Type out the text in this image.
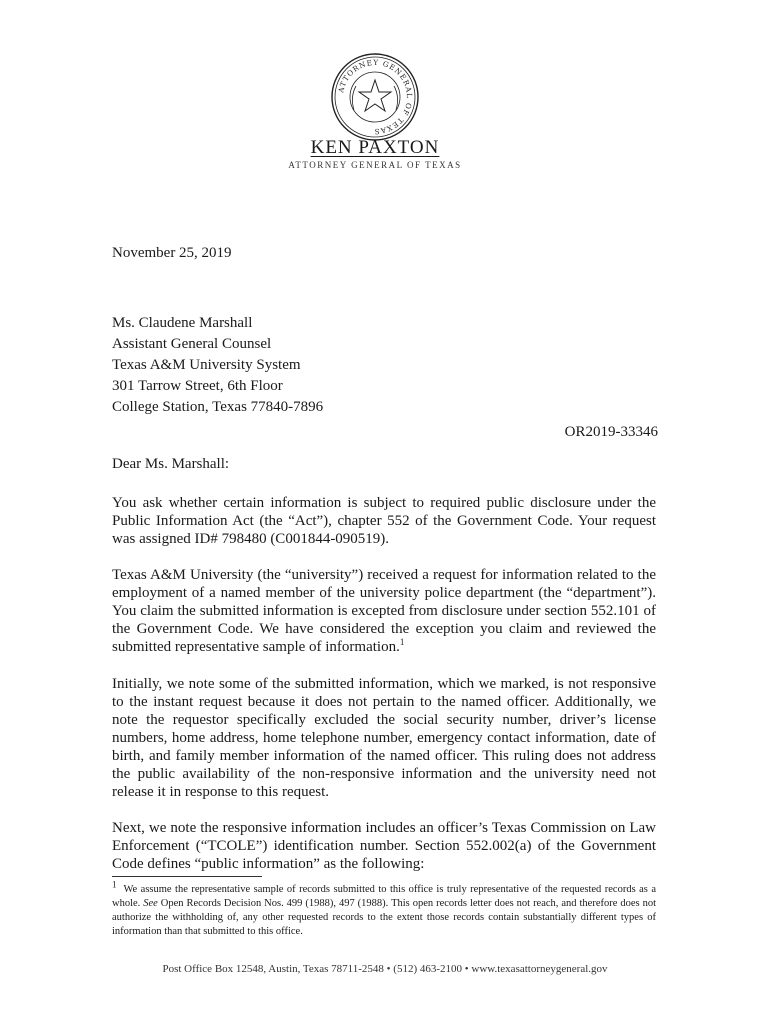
ATTORNEY GENERAL OF TEXAS
KEN PAXTON
ATTORNEY GENERAL OF TEXAS
November 25, 2019
Ms. Claudene Marshall
Assistant General Counsel
Texas A&M University System
301 Tarrow Street, 6th Floor
College Station, Texas 77840-7896
OR2019-33346
Dear Ms. Marshall:
You ask whether certain information is subject to required public disclosure under the Public Information Act (the “Act”), chapter 552 of the Government Code. Your request was assigned ID# 798480 (C001844-090519).
Texas A&M University (the “university”) received a request for information related to the employment of a named member of the university police department (the “department”). You claim the submitted information is excepted from disclosure under section 552.101 of the Government Code. We have considered the exception you claim and reviewed the submitted representative sample of information.$^1$
Initially, we note some of the submitted information, which we marked, is not responsive to the instant request because it does not pertain to the named officer. Additionally, we note the requestor specifically excluded the social security number, driver’s license numbers, home address, home telephone number, emergency contact information, date of birth, and family member information of the named officer. This ruling does not address the public availability of the non-responsive information and the university need not release it in response to this request.
Next, we note the responsive information includes an officer’s Texas Commission on Law Enforcement (“TCOLE”) identification number. Section 552.002(a) of the Government Code defines “public information” as the following:
$^1$ We assume the representative sample of records submitted to this office is truly representative of the requested records as a whole. See Open Records Decision Nos. 499 (1988), 497 (1988). This open records letter does not reach, and therefore does not authorize the withholding of, any other requested records to the extent those records contain substantially different types of information than that submitted to this office.
Post Office Box 12548, Austin, Texas 78711-2548 • (512) 463-2100 • www.texasattorneygeneral.gov
